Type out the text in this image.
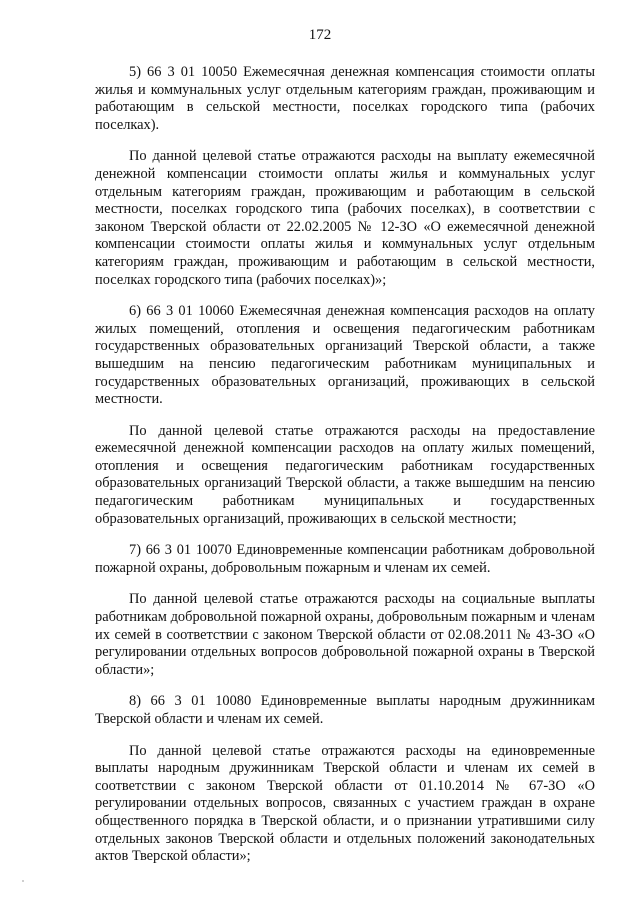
172

5) 66 3 01 10050 Ежемесячная денежная компенсация стоимости оплаты жилья и коммунальных услуг отдельным категориям граждан, проживающим и работающим в сельской местности, поселках городского типа (рабочих поселках).

По данной целевой статье отражаются расходы на выплату ежемесячной денежной компенсации стоимости оплаты жилья и коммунальных услуг отдельным категориям граждан, проживающим и работающим в сельской местности, поселках городского типа (рабочих поселках), в соответствии с законом Тверской области от 22.02.2005 № 12-ЗО «О ежемесячной денежной компенсации стоимости оплаты жилья и коммунальных услуг отдельным категориям граждан, проживающим и работающим в сельской местности, поселках городского типа (рабочих поселках)»;

6) 66 3 01 10060 Ежемесячная денежная компенсация расходов на оплату жилых помещений, отопления и освещения педагогическим работникам государственных образовательных организаций Тверской области, а также вышедшим на пенсию педагогическим работникам муниципальных и государственных образовательных организаций, проживающих в сельской местности.

По данной целевой статье отражаются расходы на предоставление ежемесячной денежной компенсации расходов на оплату жилых помещений, отопления и освещения педагогическим работникам государственных образовательных организаций Тверской области, а также вышедшим на пенсию педагогическим работникам муниципальных и государственных образовательных организаций, проживающих в сельской местности;

7) 66 3 01 10070 Единовременные компенсации работникам добровольной пожарной охраны, добровольным пожарным и членам их семей.

По данной целевой статье отражаются расходы на социальные выплаты работникам добровольной пожарной охраны, добровольным пожарным и членам их семей в соответствии с законом Тверской области от 02.08.2011 № 43-ЗО «О регулировании отдельных вопросов добровольной пожарной охраны в Тверской области»;

8) 66 3 01 10080 Единовременные выплаты народным дружинникам Тверской области и членам их семей.

По данной целевой статье отражаются расходы на единовременные выплаты народным дружинникам Тверской области и членам их семей в соответствии с законом Тверской области от 01.10.2014 № 67-ЗО «О регулировании отдельных вопросов, связанных с участием граждан в охране общественного порядка в Тверской области, и о признании утратившими силу отдельных законов Тверской области и отдельных положений законодательных актов Тверской области»;
